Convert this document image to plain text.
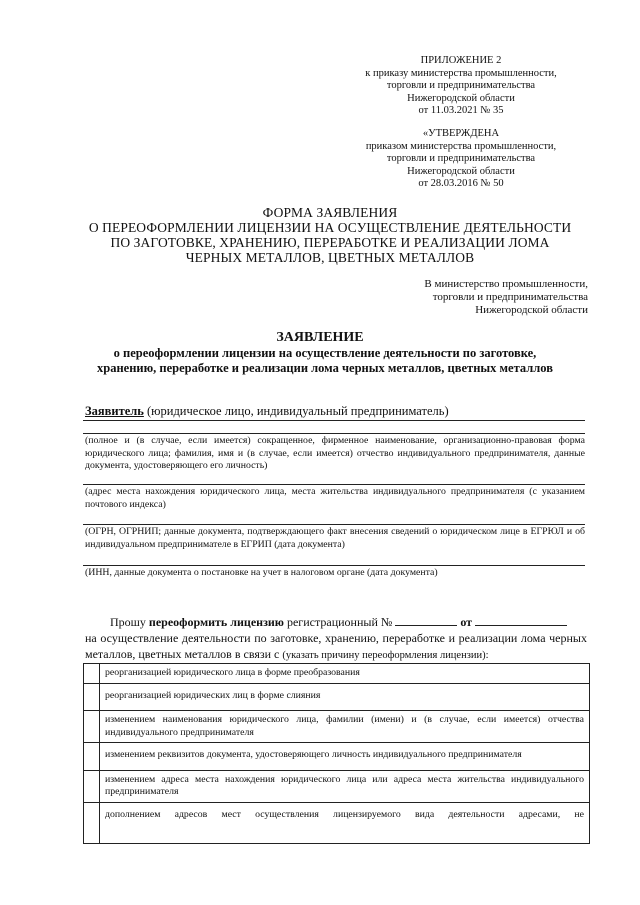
ПРИЛОЖЕНИЕ 2
к приказу министерства промышленности,
торговли и предпринимательства
Нижегородской области
от 11.03.2021 № 35
«УТВЕРЖДЕНА
приказом министерства промышленности,
торговли и предпринимательства
Нижегородской области
от 28.03.2016 № 50
ФОРМА ЗАЯВЛЕНИЯ
О ПЕРЕОФОРМЛЕНИИ ЛИЦЕНЗИИ НА ОСУЩЕСТВЛЕНИЕ ДЕЯТЕЛЬНОСТИ
ПО ЗАГОТОВКЕ, ХРАНЕНИЮ, ПЕРЕРАБОТКЕ И РЕАЛИЗАЦИИ ЛОМА
ЧЕРНЫХ МЕТАЛЛОВ, ЦВЕТНЫХ МЕТАЛЛОВ
В министерство промышленности,
торговли и предпринимательства
Нижегородской области
ЗАЯВЛЕНИЕ
о переоформлении лицензии на осуществление деятельности по заготовке,
хранению, переработке и реализации лома черных металлов, цветных металлов
Заявитель (юридическое лицо, индивидуальный предприниматель)
(полное и (в случае, если имеется) сокращенное, фирменное наименование, организационно-правовая форма юридического лица; фамилия, имя и (в случае, если имеется) отчество индивидуального предпринимателя, данные документа, удостоверяющего его личность)
(адрес места нахождения юридического лица, места жительства индивидуального предпринимателя (с указанием почтового индекса)
(ОГРН, ОГРНИП; данные документа, подтверждающего факт внесения сведений о юридическом лице в ЕГРЮЛ и об индивидуальном предпринимателе в ЕГРИП (дата документа)
(ИНН, данные документа о постановке на учет в налоговом органе (дата документа)
Прошу переоформить лицензию регистрационный №	от
на осуществление деятельности по заготовке, хранению, переработке и реализации лома черных металлов, цветных металлов в связи с (указать причину переоформления лицензии):
	реорганизацией юридического лица в форме преобразования
	реорганизацией юридических лиц в форме слияния
	изменением наименования юридического лица, фамилии (имени) и (в случае, если имеется) отчества индивидуального предпринимателя
	изменением реквизитов документа, удостоверяющего личность индивидуального предпринимателя
	изменением адреса места нахождения юридического лица или адреса места жительства индивидуального предпринимателя
	дополнением адресов мест осуществления лицензируемого вида деятельности адресами, не
